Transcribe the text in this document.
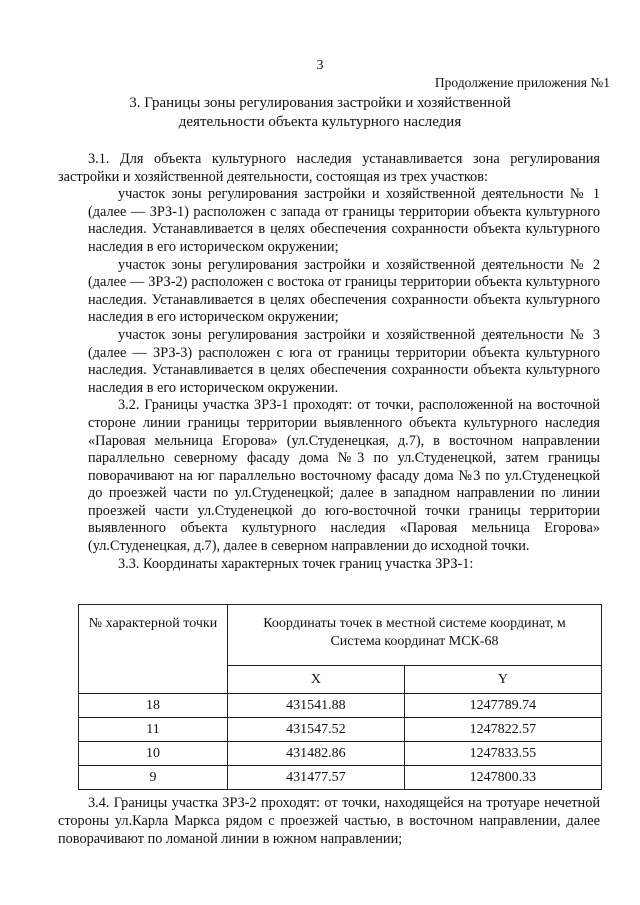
3
Продолжение приложения №1
3. Границы зоны регулирования застройки и хозяйственной
деятельности объекта культурного наследия

3.1. Для объекта культурного наследия устанавливается зона регулирования застройки и хозяйственной деятельности, состоящая из трех участков:

участок зоны регулирования застройки и хозяйственной деятельности № 1 (далее — ЗРЗ-1) расположен с запада от границы территории объекта культурного наследия. Устанавливается в целях обеспечения сохранности объекта культурного наследия в его историческом окружении;

участок зоны регулирования застройки и хозяйственной деятельности № 2 (далее — ЗРЗ-2) расположен с востока от границы территории объекта культурного наследия. Устанавливается в целях обеспечения сохранности объекта культурного наследия в его историческом окружении;

участок зоны регулирования застройки и хозяйственной деятельности № 3 (далее — ЗРЗ-3) расположен с юга от границы территории объекта культурного наследия. Устанавливается в целях обеспечения сохранности объекта культурного наследия в его историческом окружении.

3.2. Границы участка ЗРЗ-1 проходят: от точки, расположенной на восточной стороне линии границы территории выявленного объекта культурного наследия «Паровая мельница Егорова» (ул.Студенецкая, д.7), в восточном направлении параллельно северному фасаду дома №3 по ул.Студенецкой, затем границы поворачивают на юг параллельно восточному фасаду дома №3 по ул.Студенецкой до проезжей части по ул.Студенецкой; далее в западном направлении по линии проезжей части ул.Студенецкой до юго-восточной точки границы территории выявленного объекта культурного наследия «Паровая мельница Егорова» (ул.Студенецкая, д.7), далее в северном направлении до исходной точки.

3.3. Координаты характерных точек границ участка ЗРЗ-1:

№ характерной точки	Координаты точек в местной системе координат, м
Система координат МСК-68	
	X	Y
18	431541.88	1247789.74
11	431547.52	1247822.57
10	431482.86	1247833.55
9	431477.57	1247800.33

3.4. Границы участка ЗРЗ-2 проходят: от точки, находящейся на тротуаре нечетной стороны ул.Карла Маркса рядом с проезжей частью, в восточном направлении, далее поворачивают по ломаной линии в южном направлении;
